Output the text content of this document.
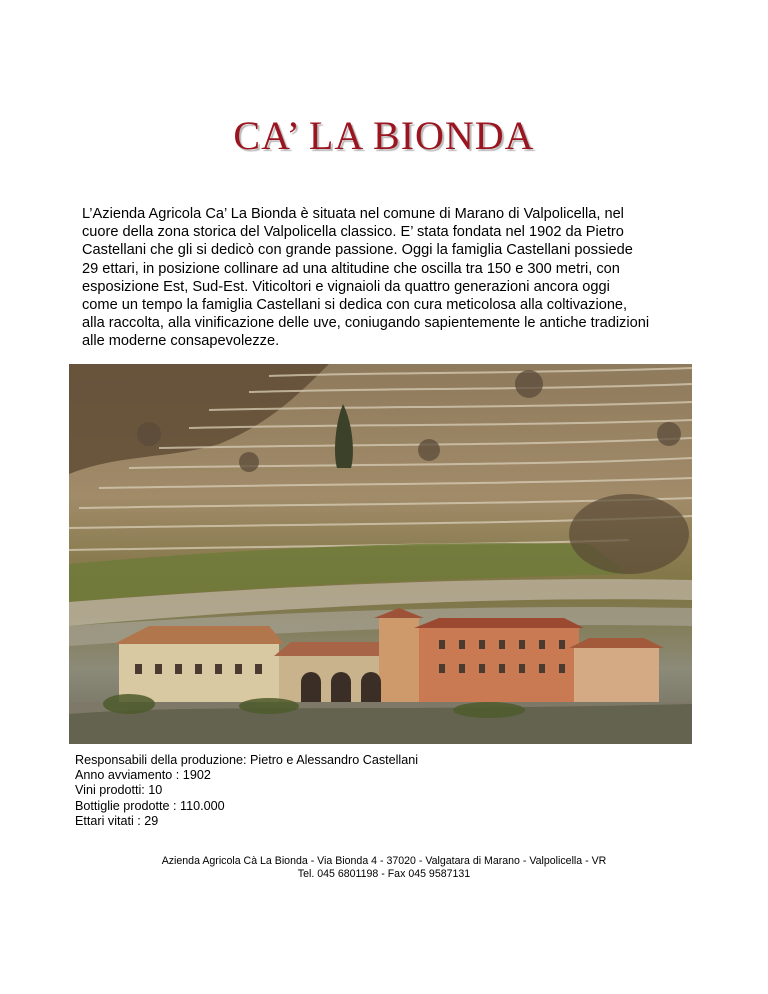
CA’ LA BIONDA
L’Azienda Agricola Ca’ La Bionda è situata nel comune di Marano di Valpolicella, nel
cuore della zona storica del Valpolicella classico. E’ stata fondata nel 1902 da Pietro
Castellani che gli si dedicò con grande passione. Oggi la famiglia Castellani possiede
29 ettari, in posizione collinare ad una altitudine che oscilla tra 150 e 300 metri, con
esposizione Est, Sud-Est. Viticoltori e vignaioli da quattro generazioni ancora oggi
come un tempo la famiglia Castellani si dedica con cura meticolosa alla coltivazione,
alla raccolta, alla vinificazione delle uve, coniugando sapientemente le antiche tradizioni
alle moderne consapevolezze.
Responsabili della produzione: Pietro e Alessandro Castellani
Anno avviamento : 1902
Vini prodotti: 10
Bottiglie prodotte : 110.000
Ettari vitati : 29
Azienda Agricola Cà La Bionda - Via Bionda 4 - 37020 - Valgatara di Marano - Valpolicella - VR
Tel. 045 6801198 - Fax 045 9587131
